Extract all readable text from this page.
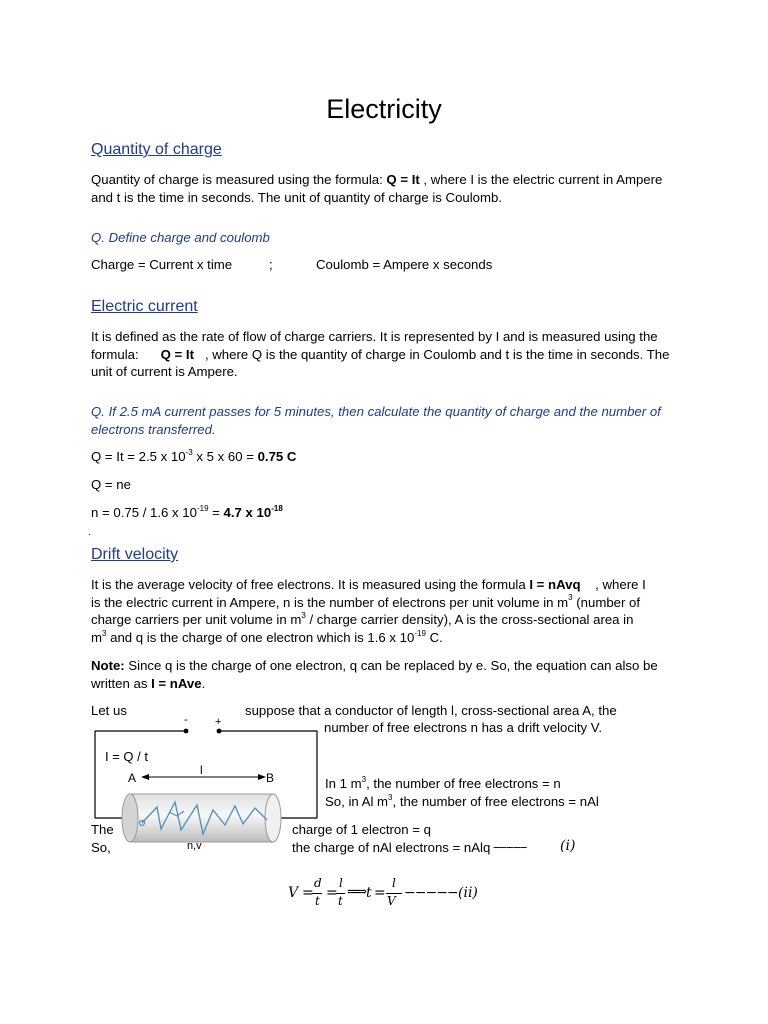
Electricity
Quantity of charge
Quantity of charge is measured using the formula: Q = It , where I is the electric current in Ampere and t is the time in seconds. The unit of quantity of charge is Coulomb.
Q. Define charge and coulomb
Charge = Current x time	;	Coulomb = Ampere x seconds
Electric current
It is defined as the rate of flow of charge carriers. It is represented by I and is measured using the formula:      Q = It   , where Q is the quantity of charge in Coulomb and t is the time in seconds. The unit of current is Ampere.
Q. If 2.5 mA current passes for 5 minutes, then calculate the quantity of charge and the number of electrons transferred.
Q = It = 2.5 x $10^{-3}$ x 5 x 60 = 0.75 C
Q = ne
n = 0.75 / 1.6 x $10^{-19} = 4.7$ x $10^{-18}$
.
Drift velocity
It is the average velocity of free electrons. It is measured using the formula I = nAvq    , where I is the electric current in Ampere, n is the number of electrons per unit volume in $m^3$ (number of charge carriers per unit volume in $m^3$ / charge carrier density), A is the cross-sectional area in $m^3$ and q is the charge of one electron which is 1.6 x $10^{-19}$ C.
Note: Since q is the charge of one electron, q can be replaced by e. So, the equation can also be written as I = nAve.
Let us	suppose that a conductor of length l, cross-sectional area A, the
number of free electrons n has a drift velocity V.
In 1 $m^3$, the number of free electrons = n
So, in Al $m^3$, the number of free electrons = nAl
The
So,
charge of 1 electron = q
the charge of nAl electrons = nAlq −−−−− (i)
- +
I = Q / t
A	B
l
n,v
V =
d
t =
l
t
⟹
t =
l
V −−−−− (ii)
